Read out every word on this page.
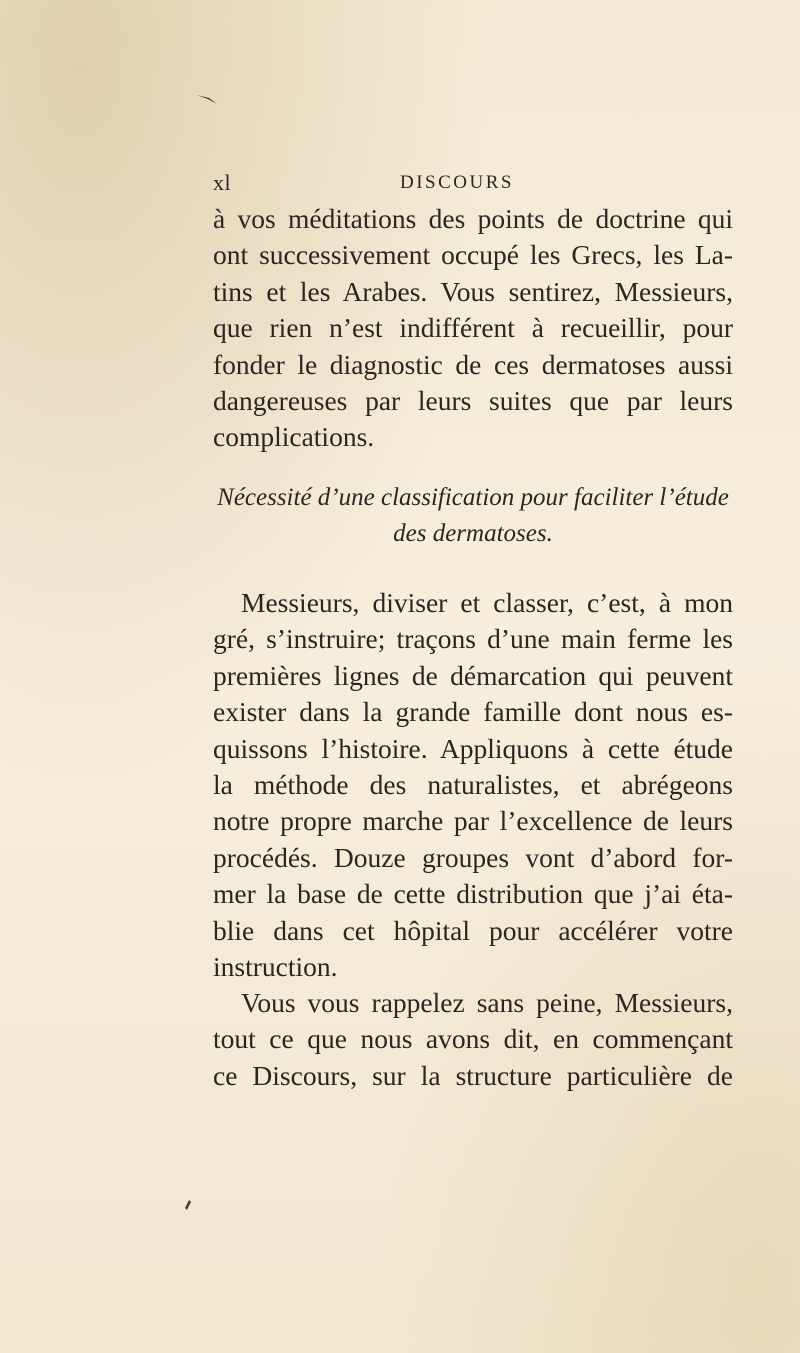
xl	DISCOURS

à vos méditations des points de doctrine qui
ont successivement occupé les Grecs, les La-
tins et les Arabes. Vous sentirez, Messieurs,
que rien n’est indifférent à recueillir, pour
fonder le diagnostic de ces dermatoses aussi
dangereuses par leurs suites que par leurs
complications.

Nécessité d’une classification pour faciliter l’étude
des dermatoses.

Messieurs, diviser et classer, c’est, à mon
gré, s’instruire; traçons d’une main ferme les
premières lignes de démarcation qui peuvent
exister dans la grande famille dont nous es-
quissons l’histoire. Appliquons à cette étude
la méthode des naturalistes, et abrégeons
notre propre marche par l’excellence de leurs
procédés. Douze groupes vont d’abord for-
mer la base de cette distribution que j’ai éta-
blie dans cet hôpital pour accélérer votre
instruction.

Vous vous rappelez sans peine, Messieurs,
tout ce que nous avons dit, en commençant
ce Discours, sur la structure particulière de
